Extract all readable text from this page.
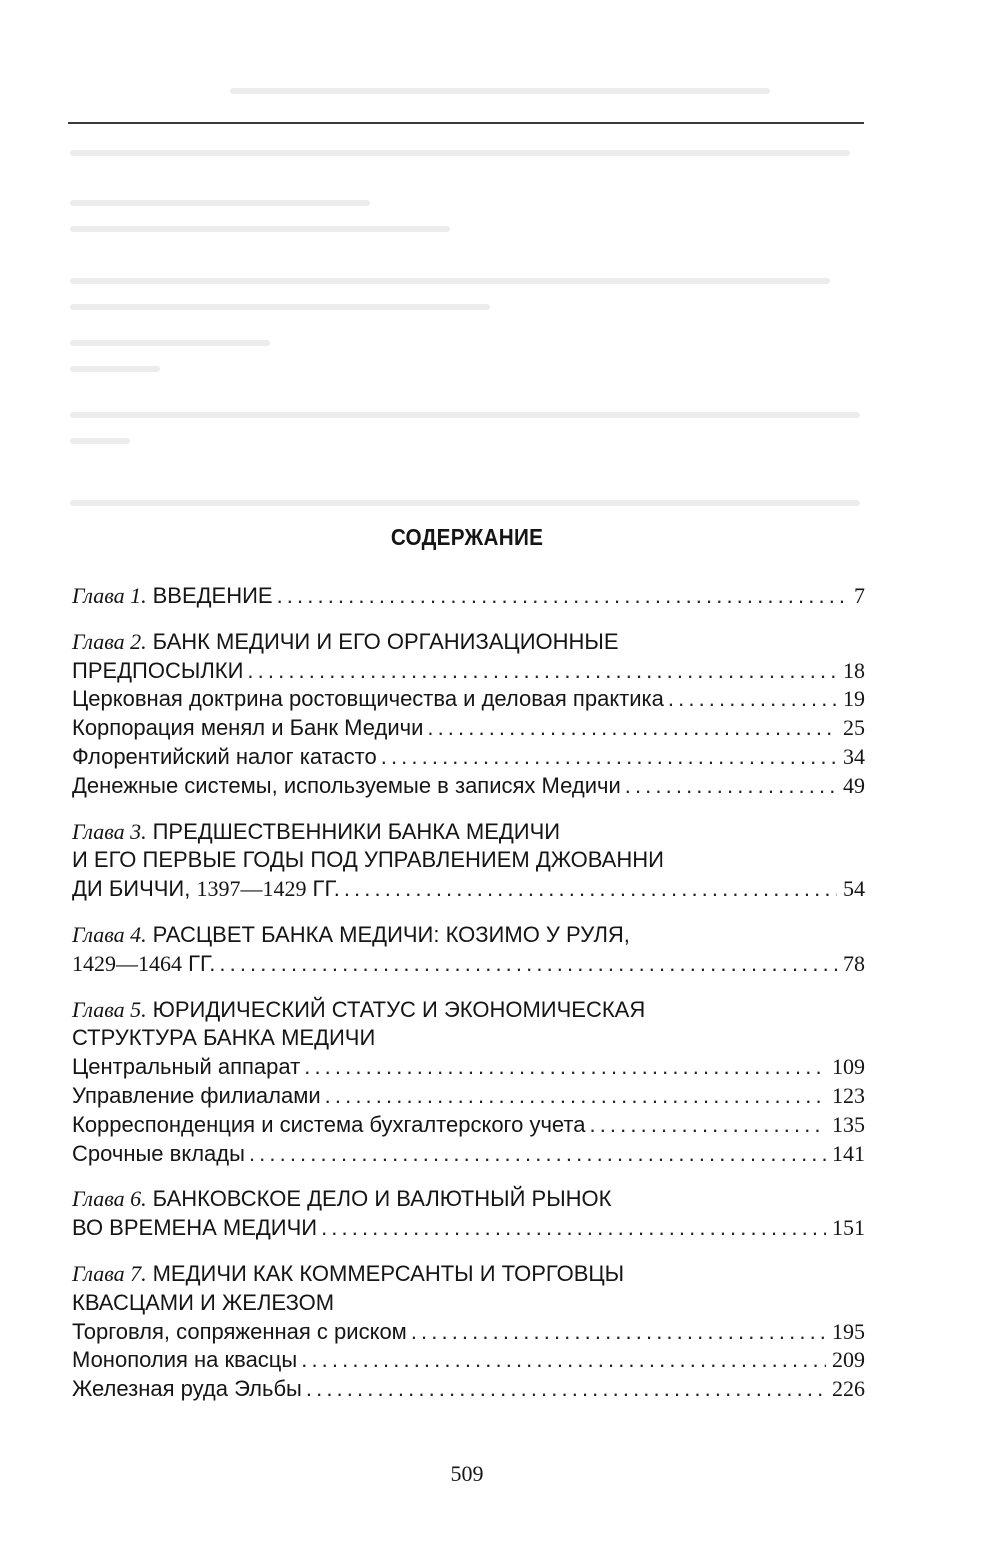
СОДЕРЖАНИЕ
Глава 1. ВВЕДЕНИЕ . . .	7
Глава 2. БАНК МЕДИЧИ И ЕГО ОРГАНИЗАЦИОННЫЕ
ПРЕДПОСЫЛКИ . . .	18
Церковная доктрина ростовщичества и деловая практика . . .	19
Корпорация менял и Банк Медичи . . .	25
Флорентийский налог катасто . . .	34
Денежные системы, используемые в записях Медичи . . .	49
Глава 3. ПРЕДШЕСТВЕННИКИ БАНКА МЕДИЧИ
И ЕГО ПЕРВЫЕ ГОДЫ ПОД УПРАВЛЕНИЕМ ДЖОВАННИ
ДИ БИЧЧИ, 1397—1429 ГГ. . . .	54
Глава 4. РАСЦВЕТ БАНКА МЕДИЧИ: КОЗИМО У РУЛЯ,
1429—1464 ГГ. . . .	78
Глава 5. ЮРИДИЧЕСКИЙ СТАТУС И ЭКОНОМИЧЕСКАЯ
СТРУКТУРА БАНКА МЕДИЧИ
Центральный аппарат . . .	109
Управление филиалами . . .	123
Корреспонденция и система бухгалтерского учета . . .	135
Срочные вклады . . .	141
Глава 6. БАНКОВСКОЕ ДЕЛО И ВАЛЮТНЫЙ РЫНОК
ВО ВРЕМЕНА МЕДИЧИ . . .	151
Глава 7. МЕДИЧИ КАК КОММЕРСАНТЫ И ТОРГОВЦЫ
КВАСЦАМИ И ЖЕЛЕЗОМ
Торговля, сопряженная с риском . . .	195
Монополия на квасцы . . .	209
Железная руда Эльбы . . .	226
509
